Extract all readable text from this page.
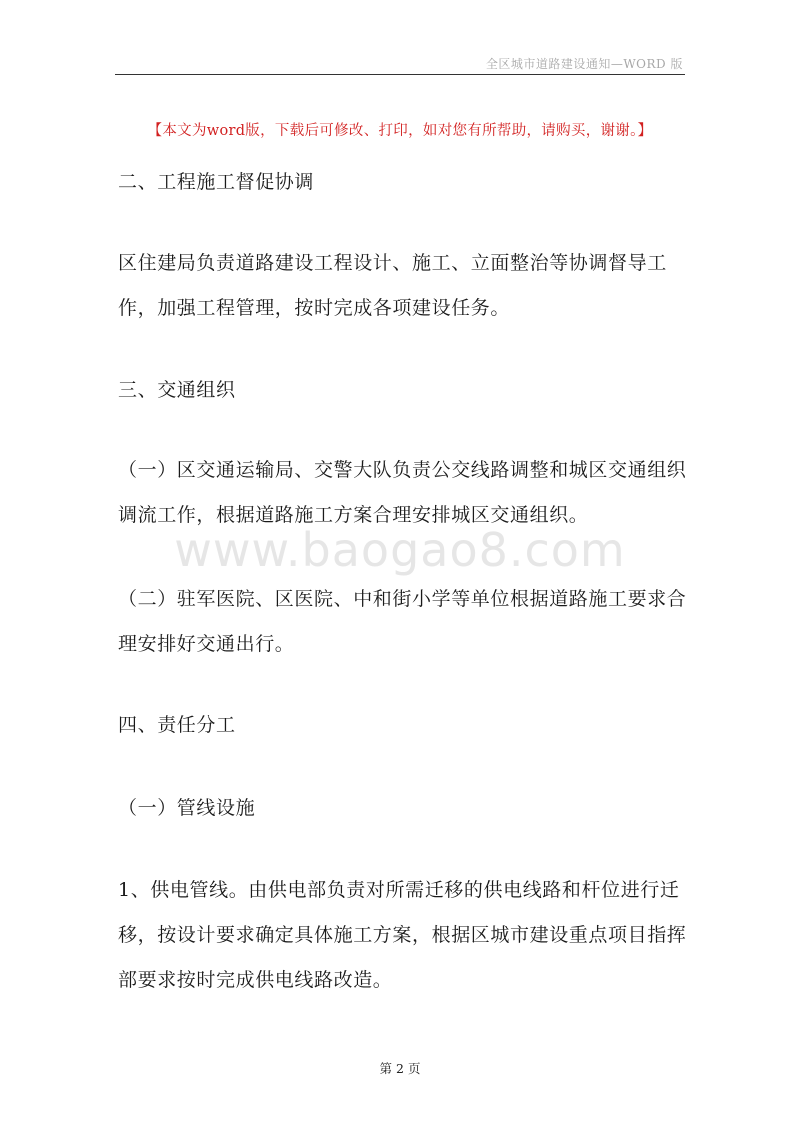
全区城市道路建设通知—WORD 版
【本文为word版，下载后可修改、打印，如对您有所帮助，请购买，谢谢。】

二、工程施工督促协调

区住建局负责道路建设工程设计、施工、立面整治等协调督导工作，加强工程管理，按时完成各项建设任务。

三、交通组织

（一）区交通运输局、交警大队负责公交线路调整和城区交通组织调流工作，根据道路施工方案合理安排城区交通组织。

www.baogao8.com

（二）驻军医院、区医院、中和街小学等单位根据道路施工要求合理安排好交通出行。

四、责任分工

（一）管线设施

1、供电管线。由供电部负责对所需迁移的供电线路和杆位进行迁移，按设计要求确定具体施工方案，根据区城市建设重点项目指挥部要求按时完成供电线路改造。

第 2 页
